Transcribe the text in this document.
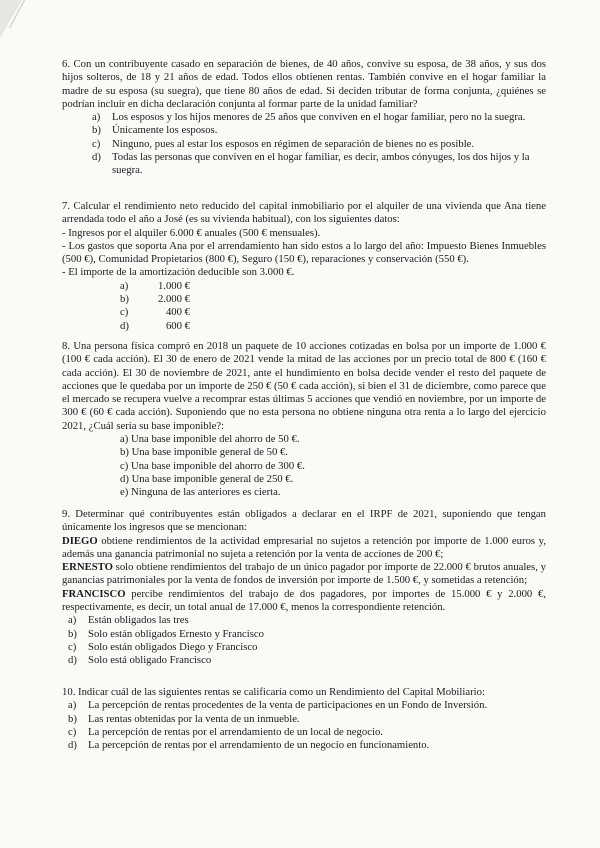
6. Con un contribuyente casado en separación de bienes, de 40 años, convive su esposa, de 38 años, y sus dos hijos solteros, de 18 y 21 años de edad. Todos ellos obtienen rentas. También convive en el hogar familiar la madre de su esposa (su suegra), que tiene 80 años de edad. Si deciden tributar de forma conjunta, ¿quiénes se podrían incluir en dicha declaración conjunta al formar parte de la unidad familiar?

a)	Los esposos y los hijos menores de 25 años que conviven en el hogar familiar, pero no la suegra.
b)	Únicamente los esposos.
c)	Ninguno, pues al estar los esposos en régimen de separación de bienes no es posible.
d)	Todas las personas que conviven en el hogar familiar, es decir, ambos cónyuges, los dos hijos y la suegra.

7. Calcular el rendimiento neto reducido del capital inmobiliario por el alquiler de una vivienda que Ana tiene arrendada todo el año a José (es su vivienda habitual), con los siguientes datos:

- Ingresos por el alquiler 6.000 € anuales (500 € mensuales).

- Los gastos que soporta Ana por el arrendamiento han sido estos a lo largo del año: Impuesto Bienes Inmuebles (500 €), Comunidad Propietarios (800 €), Seguro (150 €), reparaciones y conservación (550 €).

- El importe de la amortización deducible son 3.000 €.

a)	1.000 €
b)	2.000 €
c)	400 €
d)	600 €

8. Una persona física compró en 2018 un paquete de 10 acciones cotizadas en bolsa por un importe de 1.000 € (100 € cada acción). El 30 de enero de 2021 vende la mitad de las acciones por un precio total de 800 € (160 € cada acción). El 30 de noviembre de 2021, ante el hundimiento en bolsa decide vender el resto del paquete de acciones que le quedaba por un importe de 250 € (50 € cada acción), si bien el 31 de diciembre, como parece que el mercado se recupera vuelve a recomprar estas últimas 5 acciones que vendió en noviembre, por un importe de 300 € (60 € cada acción). Suponiendo que no esta persona no obtiene ninguna otra renta a lo largo del ejercicio 2021, ¿Cuál sería su base imponible?:

a) Una base imponible del ahorro de 50 €.
b) Una base imponible general de 50 €.
c) Una base imponible del ahorro de 300 €.
d) Una base imponible general de 250 €.
e) Ninguna de las anteriores es cierta.

9. Determinar qué contribuyentes están obligados a declarar en el IRPF de 2021, suponiendo que tengan únicamente los ingresos que se mencionan:

DIEGO obtiene rendimientos de la actividad empresarial no sujetos a retención por importe de 1.000 euros y, además una ganancia patrimonial no sujeta a retención por la venta de acciones de 200 €;

ERNESTO solo obtiene rendimientos del trabajo de un único pagador por importe de 22.000 € brutos anuales, y ganancias patrimoniales por la venta de fondos de inversión por importe de 1.500 €, y sometidas a retención;

FRANCISCO percibe rendimientos del trabajo de dos pagadores, por importes de 15.000 € y 2.000 €, respectivamente, es decir, un total anual de 17.000 €, menos la correspondiente retención.

a)	Están obligados las tres
b)	Solo están obligados Ernesto y Francisco
c)	Solo están obligados Diego y Francisco
d)	Solo está obligado Francisco

10. Indicar cuál de las siguientes rentas se calificaría como un Rendimiento del Capital Mobiliario:

a)	La percepción de rentas procedentes de la venta de participaciones en un Fondo de Inversión.
b)	Las rentas obtenidas por la venta de un inmueble.
c)	La percepción de rentas por el arrendamiento de un local de negocio.
d)	La percepción de rentas por el arrendamiento de un negocio en funcionamiento.
